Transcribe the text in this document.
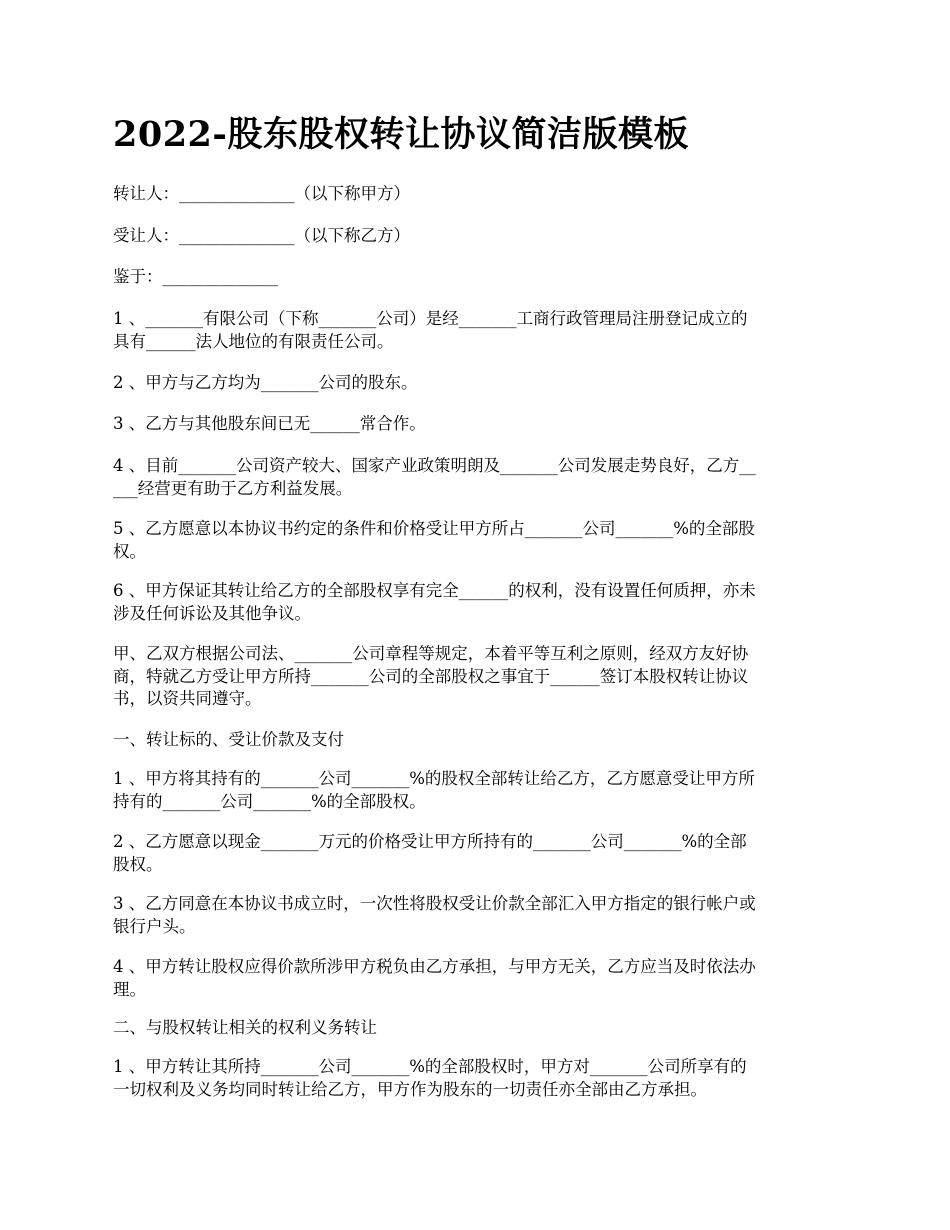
2022-股东股权转让协议简洁版模板
转让人：______________（以下称甲方）
受让人：______________（以下称乙方）
鉴于：______________
1 、_______有限公司（下称_______公司）是经_______工商行政管理局注册登记成立的
具有______法人地位的有限责任公司。
2 、甲方与乙方均为_______公司的股东。
3 、乙方与其他股东间已无______常合作。
4 、目前_______公司资产较大、国家产业政策明朗及_______公司发展走势良好，乙方__
___经营更有助于乙方利益发展。
5 、乙方愿意以本协议书约定的条件和价格受让甲方所占_______公司_______%的全部股
权。
6 、甲方保证其转让给乙方的全部股权享有完全______的权利，没有设置任何质押，亦未
涉及任何诉讼及其他争议。
甲、乙双方根据公司法、_______公司章程等规定，本着平等互利之原则，经双方友好协
商，特就乙方受让甲方所持_______公司的全部股权之事宜于______签订本股权转让协议
书，以资共同遵守。
一、转让标的、受让价款及支付
1 、甲方将其持有的_______公司_______%的股权全部转让给乙方，乙方愿意受让甲方所
持有的_______公司_______%的全部股权。
2 、乙方愿意以现金_______万元的价格受让甲方所持有的_______公司_______%的全部
股权。
3 、乙方同意在本协议书成立时，一次性将股权受让价款全部汇入甲方指定的银行帐户或
银行户头。
4 、甲方转让股权应得价款所涉甲方税负由乙方承担，与甲方无关，乙方应当及时依法办
理。
二、与股权转让相关的权利义务转让
1 、甲方转让其所持_______公司_______%的全部股权时，甲方对_______公司所享有的
一切权利及义务均同时转让给乙方，甲方作为股东的一切责任亦全部由乙方承担。
